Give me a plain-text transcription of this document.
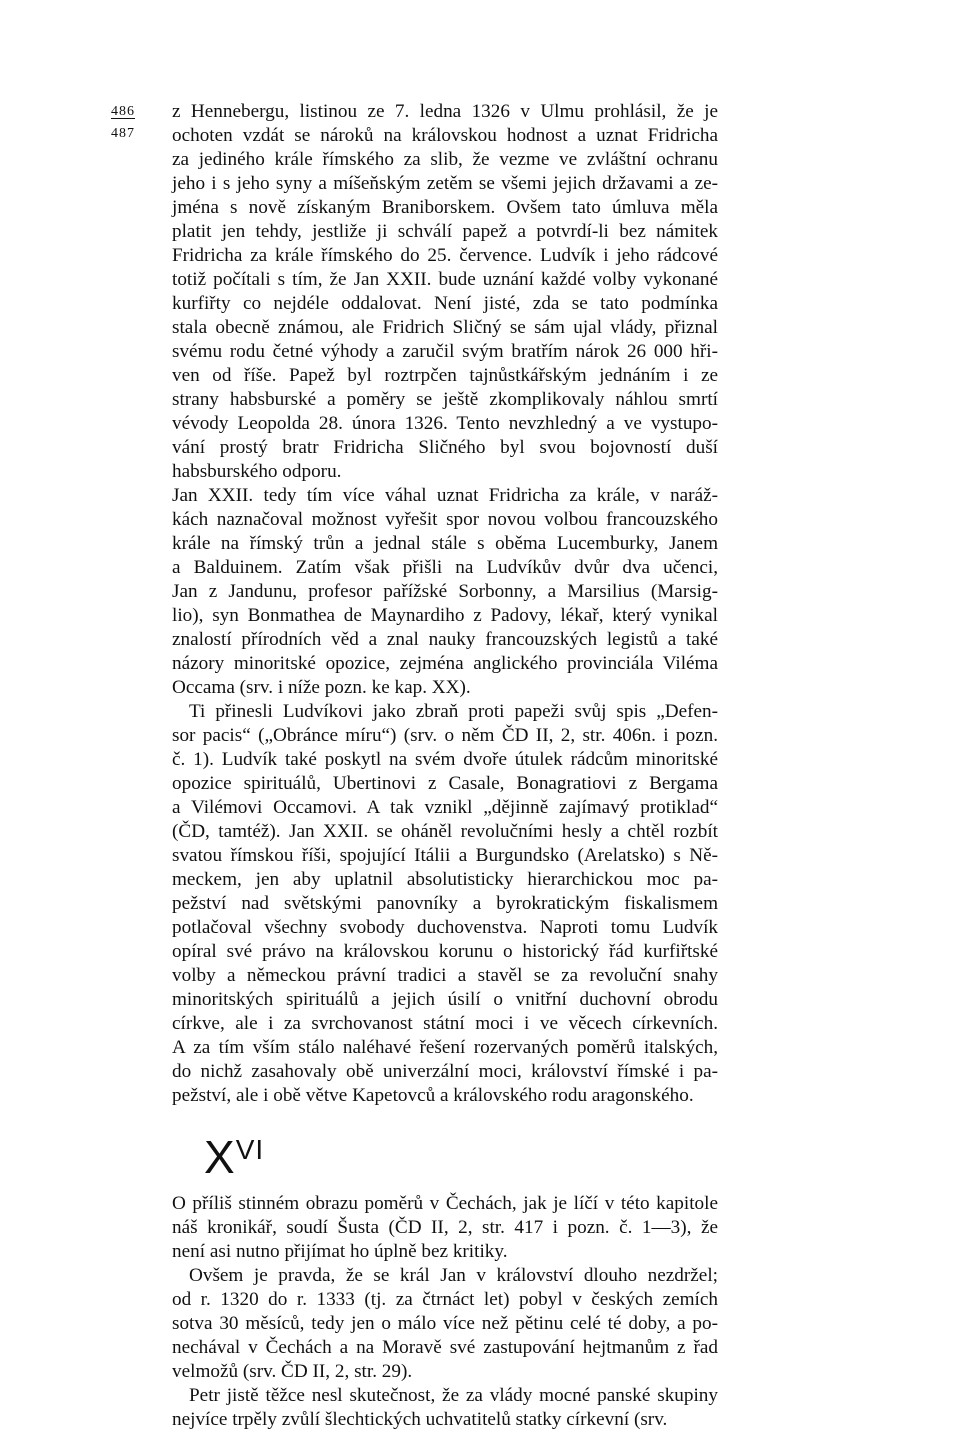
486
487
z Hennebergu, listinou ze 7. ledna 1326 v Ulmu prohlásil, že je
ochoten vzdát se nároků na královskou hodnost a uznat Fridricha
za jediného krále římského za slib, že vezme ve zvláštní ochranu
jeho i s jeho syny a míšeňským zetěm se všemi jejich državami a ze-
jména s nově získaným Braniborskem. Ovšem tato úmluva měla
platit jen tehdy, jestliže ji schválí papež a potvrdí-li bez námitek
Fridricha za krále římského do 25. července. Ludvík i jeho rádcové
totiž počítali s tím, že Jan XXII. bude uznání každé volby vykonané
kurfiřty co nejdéle oddalovat. Není jisté, zda se tato podmínka
stala obecně známou, ale Fridrich Sličný se sám ujal vlády, přiznal
svému rodu četné výhody a zaručil svým bratřím nárok 26 000 hři-
ven od říše. Papež byl roztrpčen tajnůstkářským jednáním i ze
strany habsburské a poměry se ještě zkomplikovaly náhlou smrtí
vévody Leopolda 28. února 1326. Tento nevzhledný a ve vystupo-
vání prostý bratr Fridricha Sličného byl svou bojovností duší
habsburského odporu.
Jan XXII. tedy tím více váhal uznat Fridricha za krále, v naráž-
kách naznačoval možnost vyřešit spor novou volbou francouzského
krále na římský trůn a jednal stále s oběma Lucemburky, Janem
a Balduinem. Zatím však přišli na Ludvíkův dvůr dva učenci,
Jan z Jandunu, profesor pařížské Sorbonny, a Marsilius (Marsig-
lio), syn Bonmathea de Maynardiho z Padovy, lékař, který vynikal
znalostí přírodních věd a znal nauky francouzských legistů a také
názory minoritské opozice, zejména anglického provinciála Viléma
Occama (srv. i níže pozn. ke kap. XX).
Ti přinesli Ludvíkovi jako zbraň proti papeži svůj spis „Defen-
sor pacis“ („Obránce míru“) (srv. o něm ČD II, 2, str. 406n. i pozn.
č. 1). Ludvík také poskytl na svém dvoře útulek rádcům minoritské
opozice spirituálů, Ubertinovi z Casale, Bonagratiovi z Bergama
a Vilémovi Occamovi. A tak vznikl „dějinně zajímavý protiklad“
(ČD, tamtéž). Jan XXII. se oháněl revolučními hesly a chtěl rozbít
svatou římskou říši, spojující Itálii a Burgundsko (Arelatsko) s Ně-
meckem, jen aby uplatnil absolutisticky hierarchickou moc pa-
pežství nad světskými panovníky a byrokratickým fiskalismem
potlačoval všechny svobody duchovenstva. Naproti tomu Ludvík
opíral své právo na královskou korunu o historický řád kurfiřtské
volby a německou právní tradici a stavěl se za revoluční snahy
minoritských spirituálů a jejich úsilí o vnitřní duchovní obrodu
církve, ale i za svrchovanost státní moci i ve věcech církevních.
A za tím vším stálo naléhavé řešení rozervaných poměrů italských,
do nichž zasahovaly obě univerzální moci, království římské i pa-
pežství, ale i obě větve Kapetovců a královského rodu aragonského.
$X^{VI}$
O příliš stinném obrazu poměrů v Čechách, jak je líčí v této kapitole
náš kronikář, soudí Šusta (ČD II, 2, str. 417 i pozn. č. 1—3), že
není asi nutno přijímat ho úplně bez kritiky.
Ovšem je pravda, že se král Jan v království dlouho nezdržel;
od r. 1320 do r. 1333 (tj. za čtrnáct let) pobyl v českých zemích
sotva 30 měsíců, tedy jen o málo více než pětinu celé té doby, a po-
nechával v Čechách a na Moravě své zastupování hejtmanům z řad
velmožů (srv. ČD II, 2, str. 29).
Petr jistě těžce nesl skutečnost, že za vlády mocné panské skupiny
nejvíce trpěly zvůlí šlechtických uchvatitelů statky církevní (srv.
